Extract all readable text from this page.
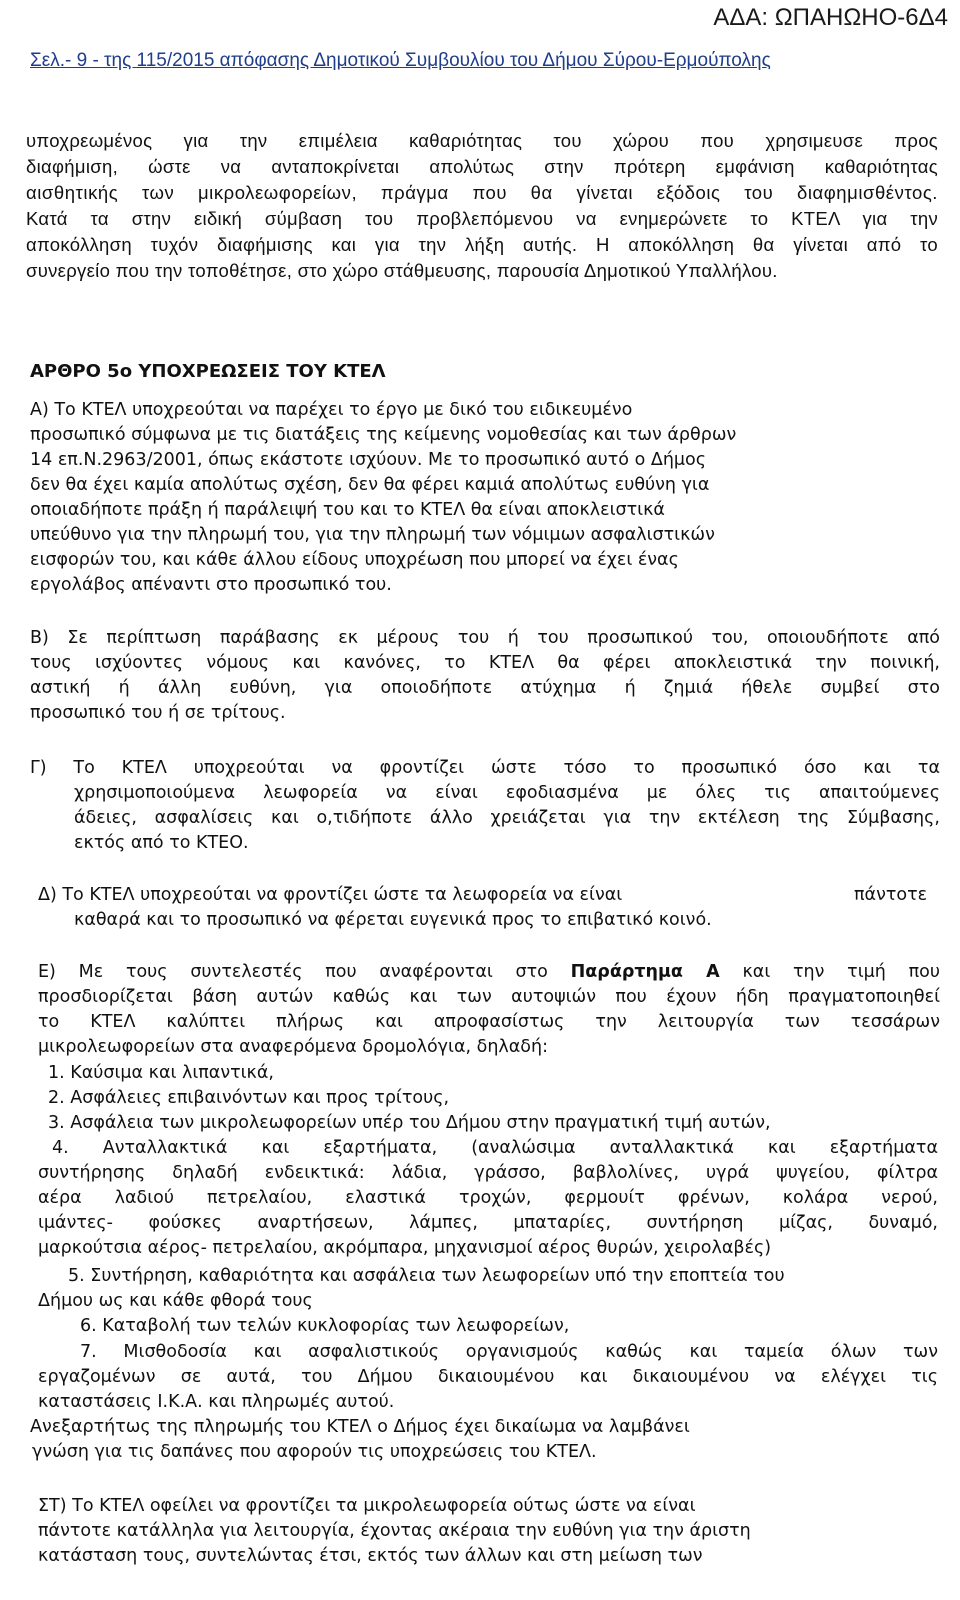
ΑΔΑ: ΩΠΑΗΩΗΟ-6Δ4
Σελ.- 9 - της 115/2015 απόφασης Δημοτικού Συμβουλίου του Δήμου Σύρου-Ερμούπολης
υποχρεωμένος για την επιμέλεια καθαριότητας του χώρου που χρησιμευσε προς
διαφήμιση, ώστε να ανταποκρίνεται απολύτως στην πρότερη εμφάνιση καθαριότητας
αισθητικής των μικρολεωφορείων, πράγμα που θα γίνεται εξόδοις του διαφημισθέντος.
Κατά τα στην ειδική σύμβαση του προβλεπόμενου να ενημερώνετε το ΚΤΕΛ για την
αποκόλληση τυχόν διαφήμισης και για την λήξη αυτής. Η αποκόλληση θα γίνεται από το
συνεργείο που την τοποθέτησε, στο χώρο στάθμευσης, παρουσία Δημοτικού Υπαλλήλου.
ΑΡΘΡΟ 5ο ΥΠΟΧΡΕΩΣΕΙΣ ΤΟΥ ΚΤΕΛ
Α) Το ΚΤΕΛ υποχρεούται να παρέχει το έργο με δικό του ειδικευμένο
προσωπικό σύμφωνα με τις διατάξεις της κείμενης νομοθεσίας και των άρθρων
14 επ.Ν.2963/2001, όπως εκάστοτε ισχύουν. Με το προσωπικό αυτό ο Δήμος
δεν θα έχει καμία απολύτως σχέση, δεν θα φέρει καμιά απολύτως ευθύνη για
οποιαδήποτε πράξη ή παράλειψή του και το ΚΤΕΛ θα είναι αποκλειστικά
υπεύθυνο για την πληρωμή του, για την πληρωμή των νόμιμων ασφαλιστικών
εισφορών του, και κάθε άλλου είδους υποχρέωση που μπορεί να έχει ένας
εργολάβος απέναντι στο προσωπικό του.
Β) Σε περίπτωση παράβασης εκ μέρους του ή του προσωπικού του, οποιουδήποτε από
τους ισχύοντες νόμους και κανόνες, το ΚΤΕΛ θα φέρει αποκλειστικά την ποινική,
αστική ή άλλη ευθύνη, για οποιοδήποτε ατύχημα ή ζημιά ήθελε συμβεί στο
προσωπικό του ή σε τρίτους.
Γ) Το ΚΤΕΛ υποχρεούται να φροντίζει ώστε τόσο το προσωπικό όσο και τα
χρησιμοποιούμενα λεωφορεία να είναι εφοδιασμένα με όλες τις απαιτούμενες
άδειες, ασφαλίσεις και ο,τιδήποτε άλλο χρειάζεται για την εκτέλεση της Σύμβασης,
εκτός από το ΚΤΕΟ.
Δ) Το ΚΤΕΛ υποχρεούται να φροντίζει ώστε τα λεωφορεία να είναι	πάντοτε
καθαρά και το προσωπικό να φέρεται ευγενικά προς το επιβατικό κοινό.
Ε) Με τους συντελεστές που αναφέρονται στο Παράρτημα Α και την τιμή που
προσδιορίζεται βάση αυτών καθώς και των αυτοψιών που έχουν ήδη πραγματοποιηθεί
το ΚΤΕΛ καλύπτει πλήρως και απροφασίστως την λειτουργία των τεσσάρων
μικρολεωφορείων στα αναφερόμενα δρομολόγια, δηλαδή:
1. Καύσιμα και λιπαντικά,
2. Ασφάλειες επιβαινόντων και προς τρίτους,
3. Ασφάλεια των μικρολεωφορείων υπέρ του Δήμου στην πραγματική τιμή αυτών,
4. Ανταλλακτικά και εξαρτήματα, (αναλώσιμα ανταλλακτικά και εξαρτήματα
συντήρησης δηλαδή ενδεικτικά: λάδια, γράσσο, βαβλολίνες, υγρά ψυγείου, φίλτρα
αέρα λαδιού πετρελαίου, ελαστικά τροχών, φερμουίτ φρένων, κολάρα νερού,
ιμάντες- φούσκες αναρτήσεων, λάμπες, μπαταρίες, συντήρηση μίζας, δυναμό,
μαρκούτσια αέρος- πετρελαίου, ακρόμπαρα, μηχανισμοί αέρος θυρών, χειρολαβές)
5. Συντήρηση, καθαριότητα και ασφάλεια των λεωφορείων υπό την εποπτεία του
Δήμου ως και κάθε φθορά τους
6. Καταβολή των τελών κυκλοφορίας των λεωφορείων,
7. Μισθοδοσία και ασφαλιστικούς οργανισμούς καθώς και ταμεία όλων των
εργαζομένων σε αυτά, του Δήμου δικαιουμένου και δικαιουμένου να ελέγχει τις
καταστάσεις Ι.Κ.Α. και πληρωμές αυτού.
Ανεξαρτήτως της πληρωμής του ΚΤΕΛ ο Δήμος έχει δικαίωμα να λαμβάνει
γνώση για τις δαπάνες που αφορούν τις υποχρεώσεις του ΚΤΕΛ.
ΣΤ) Το ΚΤΕΛ οφείλει να φροντίζει τα μικρολεωφορεία ούτως ώστε να είναι
πάντοτε κατάλληλα για λειτουργία, έχοντας ακέραια την ευθύνη για την άριστη
κατάσταση τους, συντελώντας έτσι, εκτός των άλλων και στη μείωση των
